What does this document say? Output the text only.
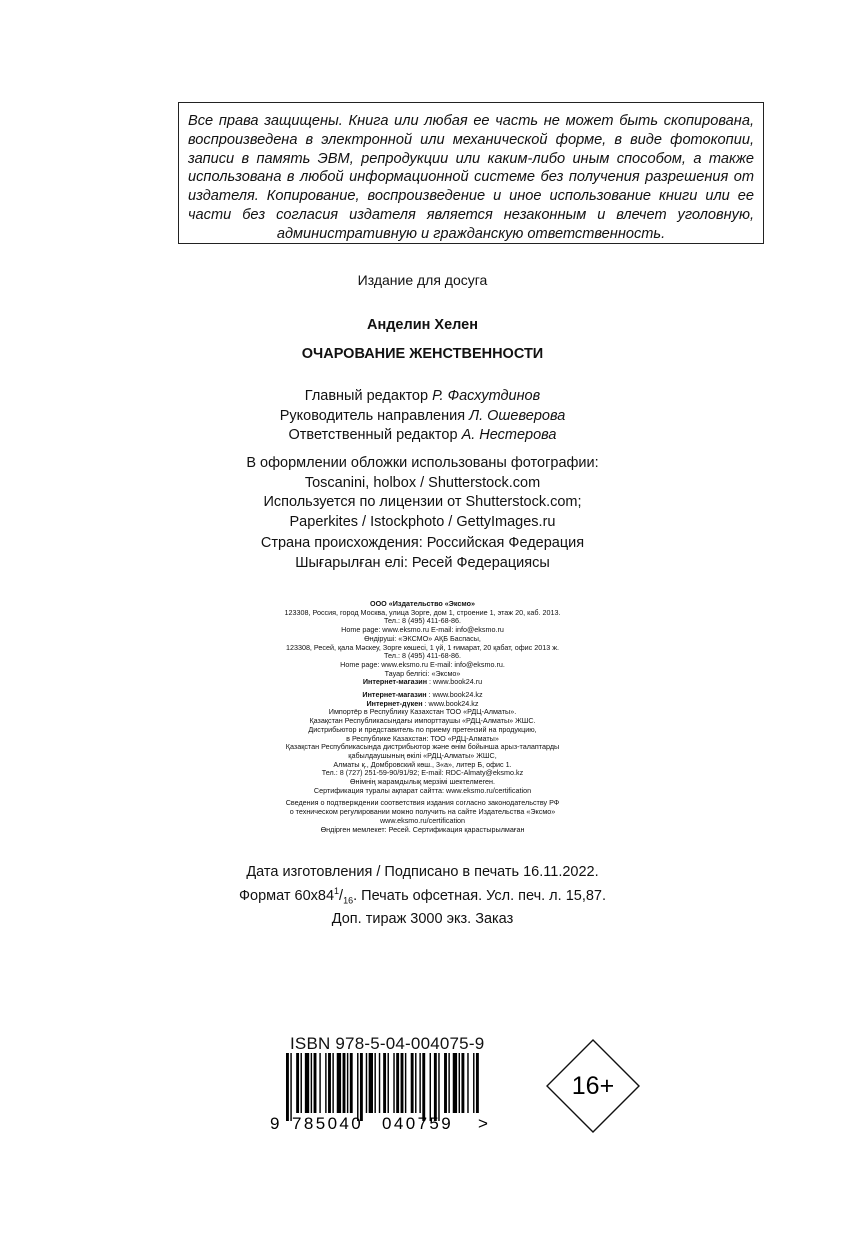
Все права защищены. Книга или любая ее часть не может быть скопирована, воспроизведена в электронной или механической форме, в виде фотокопии, записи в память ЭВМ, репродукции или каким-либо иным способом, а также использована в любой информационной системе без получения разрешения от издателя. Копирование, воспроизведение и иное использование книги или ее части без согласия издателя является незаконным и влечет уголовную, административную и гражданскую ответственность.
Издание для досуга
Анделин Хелен
ОЧАРОВАНИЕ ЖЕНСТВЕННОСТИ
Главный редактор Р. Фасхутдинов
Руководитель направления Л. Ошеверова
Ответственный редактор А. Нестерова
В оформлении обложки использованы фотографии:
Toscanini, holbox / Shutterstock.com
Используется по лицензии от Shutterstock.com;
Paperkites / Istockphoto / GettyImages.ru
Страна происхождения: Российская Федерация
Шығарылған елі: Ресей Федерациясы
ООО «Издательство «Эксмо»
123308, Россия, город Москва, улица Зорге, дом 1, строение 1, этаж 20, каб. 2013.
Тел.: 8 (495) 411-68-86.
Home page: www.eksmo.ru E-mail: info@eksmo.ru
Өндіруші: «ЭКСМО» АҚБ Баспасы,
123308, Ресей, қала Мәскеу, Зорге көшесі, 1 үй, 1 ғимарат, 20 қабат, офис 2013 ж.
Тел.: 8 (495) 411-68-86.
Home page: www.eksmo.ru E-mail: info@eksmo.ru.
Тауар белгісі: «Эксмо»
Интернет-магазин : www.book24.ru
Интернет-магазин : www.book24.kz
Интернет-дүкен : www.book24.kz
Импортёр в Республику Казахстан ТОО «РДЦ-Алматы».
Қазақстан Республикасындағы импорттаушы «РДЦ-Алматы» ЖШС.
Дистрибьютор и представитель по приему претензий на продукцию,
в Республике Казахстан: ТОО «РДЦ-Алматы»
Қазақстан Республикасында дистрибьютор және өнім бойынша арыз-талаптарды
қабылдаушының өкілі «РДЦ-Алматы» ЖШС,
Алматы қ., Домбровский көш., 3«а», литер Б, офис 1.
Тел.: 8 (727) 251-59-90/91/92; E-mail: RDC-Almaty@eksmo.kz
Өнімнің жарамдылық мерзімі шектелмеген.
Сертификация туралы ақпарат сайтта: www.eksmo.ru/certification
Сведения о подтверждении соответствия издания согласно законодательству РФ
о техническом регулировании можно получить на сайте Издательства «Эксмо»
www.eksmo.ru/certification
Өндірген мемлекет: Ресей. Сертификация қарастырылмаған
Дата изготовления / Подписано в печать 16.11.2022.
Формат $60x84^1/_{16}$. Печать офсетная. Усл. печ. л. 15,87.
Доп. тираж 3000 экз. Заказ
ISBN 978-5-04-004075-9
9 785040 040759 >
16+
